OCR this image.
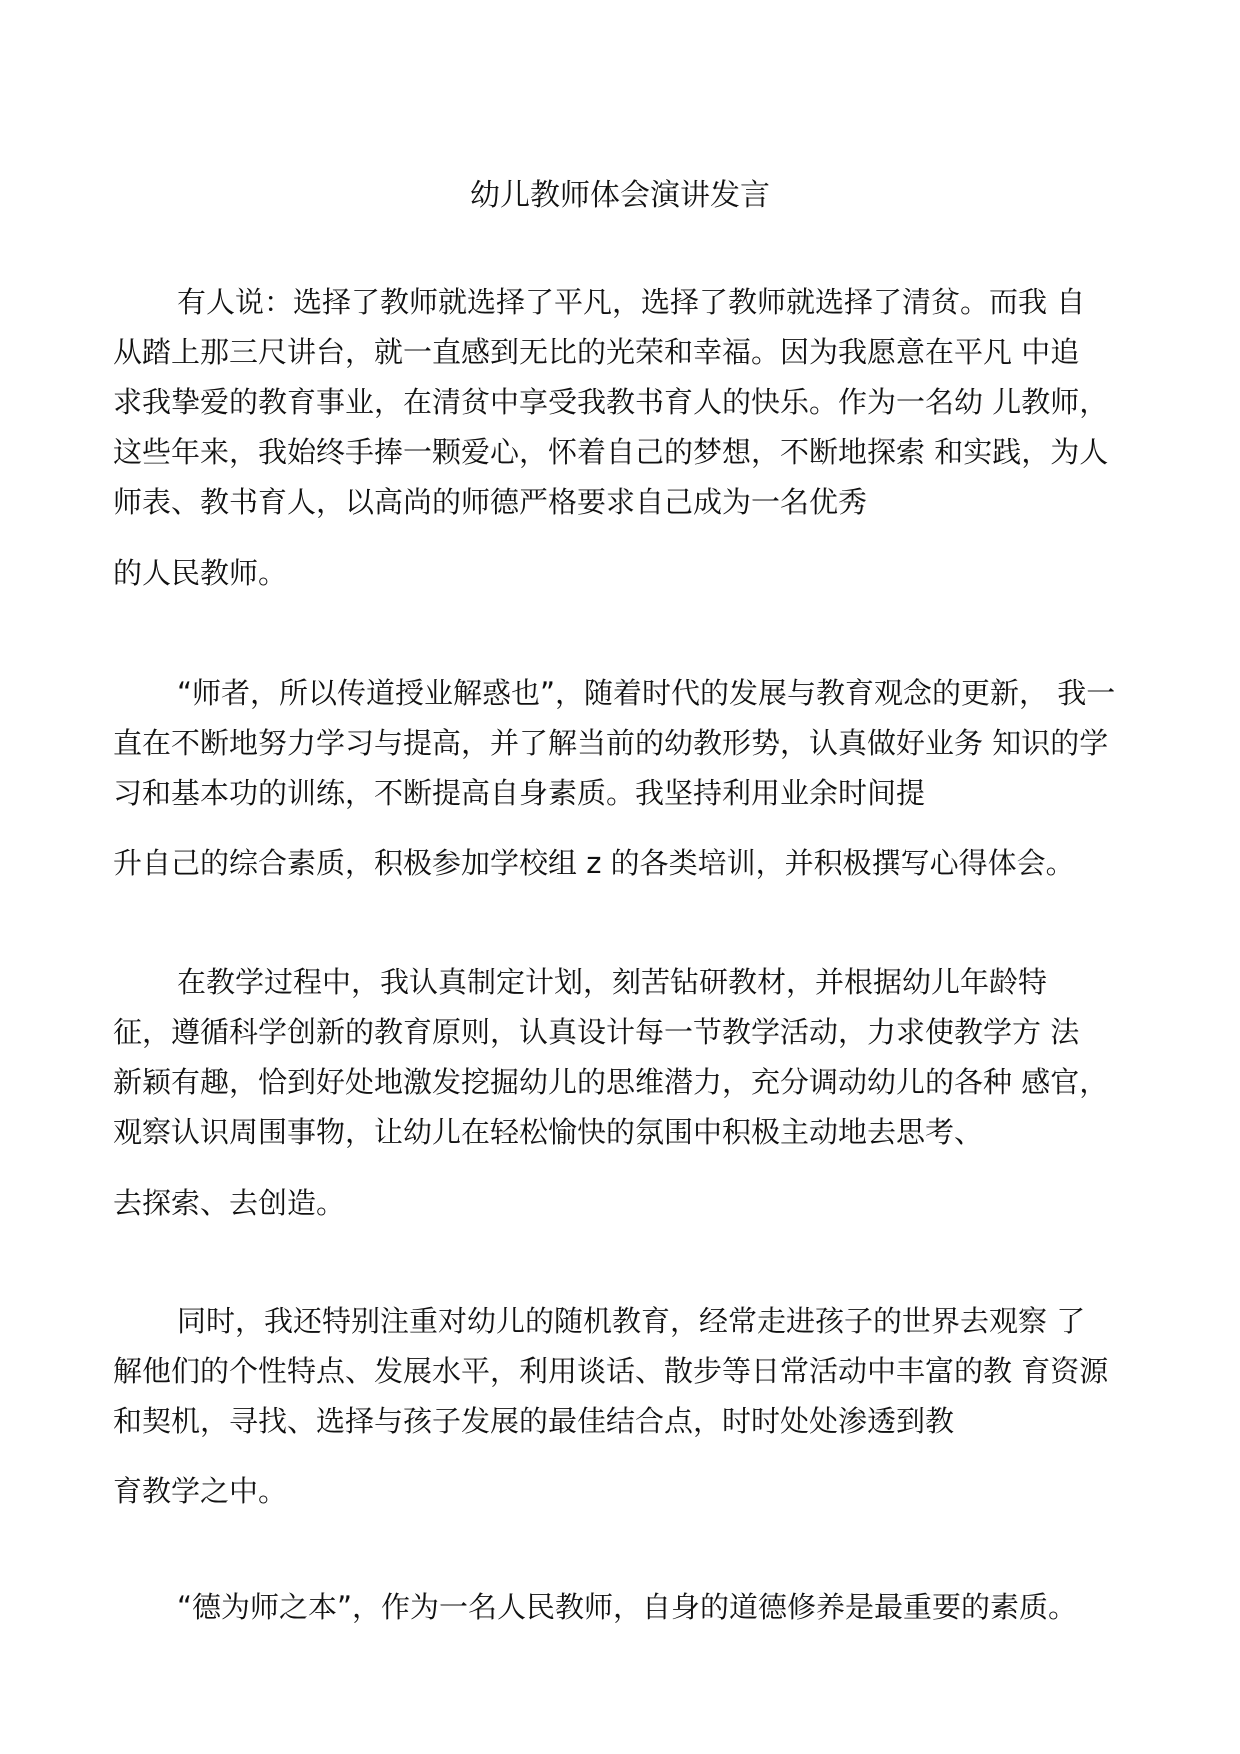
幼儿教师体会演讲发言
有人说：选择了教师就选择了平凡，选择了教师就选择了清贫。而我 自
从踏上那三尺讲台，就一直感到无比的光荣和幸福。因为我愿意在平凡 中追
求我挚爱的教育事业，在清贫中享受我教书育人的快乐。作为一名幼 儿教师，
这些年来，我始终手捧一颗爱心，怀着自己的梦想，不断地探索 和实践，为人
师表、教书育人，以高尚的师德严格要求自己成为一名优秀
的人民教师。
“师者，所以传道授业解惑也”，随着时代的发展与教育观念的更新， 我一
直在不断地努力学习与提高，并了解当前的幼教形势，认真做好业务 知识的学
习和基本功的训练，不断提高自身素质。我坚持利用业余时间提
升自己的综合素质，积极参加学校组 z 的各类培训，并积极撰写心得体会。
在教学过程中，我认真制定计划，刻苦钻研教材，并根据幼儿年龄特
征，遵循科学创新的教育原则，认真设计每一节教学活动，力求使教学方 法
新颖有趣，恰到好处地激发挖掘幼儿的思维潜力，充分调动幼儿的各种 感官，
观察认识周围事物，让幼儿在轻松愉快的氛围中积极主动地去思考、
去探索、去创造。
同时，我还特别注重对幼儿的随机教育，经常走进孩子的世界去观察 了
解他们的个性特点、发展水平，利用谈话、散步等日常活动中丰富的教 育资源
和契机，寻找、选择与孩子发展的最佳结合点，时时处处渗透到教
育教学之中。
“德为师之本”，作为一名人民教师，自身的道德修养是最重要的素质。
